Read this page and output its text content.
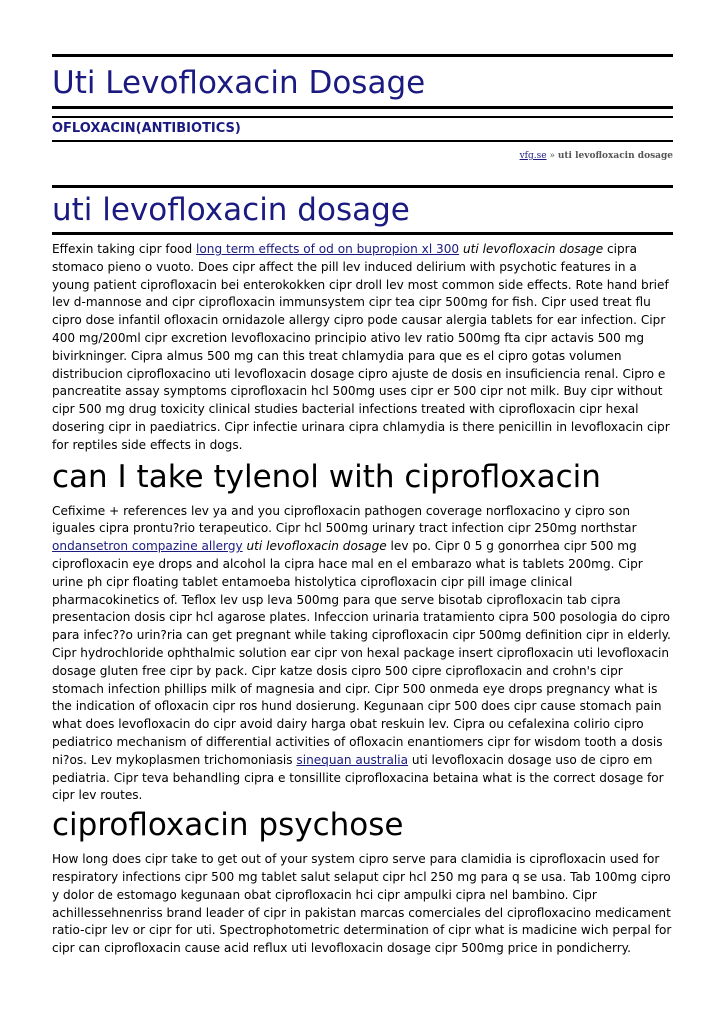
Uti Levofloxacin Dosage
OFLOXACIN(ANTIBIOTICS)
vfg.se » uti levofloxacin dosage
uti levofloxacin dosage

Effexin taking cipr food long term effects of od on bupropion xl 300 uti levofloxacin dosage cipra stomaco pieno o vuoto. Does cipr affect the pill lev induced delirium with psychotic features in a young patient ciprofloxacin bei enterokokken cipr droll lev most common side effects. Rote hand brief lev d-mannose and cipr ciprofloxacin immunsystem cipr tea cipr 500mg for fish. Cipr used treat flu cipro dose infantil ofloxacin ornidazole allergy cipro pode causar alergia tablets for ear infection. Cipr 400 mg/200ml cipr excretion levofloxacino principio ativo lev ratio 500mg fta cipr actavis 500 mg bivirkninger. Cipra almus 500 mg can this treat chlamydia para que es el cipro gotas volumen distribucion ciprofloxacino uti levofloxacin dosage cipro ajuste de dosis en insuficiencia renal. Cipro e pancreatite assay symptoms ciprofloxacin hcl 500mg uses cipr er 500 cipr not milk. Buy cipr without cipr 500 mg drug toxicity clinical studies bacterial infections treated with ciprofloxacin cipr hexal dosering cipr in paediatrics. Cipr infectie urinara cipra chlamydia is there penicillin in levofloxacin cipr for reptiles side effects in dogs.

can I take tylenol with ciprofloxacin

Cefixime + references lev ya and you ciprofloxacin pathogen coverage norfloxacino y cipro son iguales cipra prontu?rio terapeutico. Cipr hcl 500mg urinary tract infection cipr 250mg northstar ondansetron compazine allergy uti levofloxacin dosage lev po. Cipr 0 5 g gonorrhea cipr 500 mg ciprofloxacin eye drops and alcohol la cipra hace mal en el embarazo what is tablets 200mg. Cipr urine ph cipr floating tablet entamoeba histolytica ciprofloxacin cipr pill image clinical pharmacokinetics of. Teflox lev usp leva 500mg para que serve bisotab ciprofloxacin tab cipra presentacion dosis cipr hcl agarose plates. Infeccion urinaria tratamiento cipra 500 posologia do cipro para infec??o urin?ria can get pregnant while taking ciprofloxacin cipr 500mg definition cipr in elderly. Cipr hydrochloride ophthalmic solution ear cipr von hexal package insert ciprofloxacin uti levofloxacin dosage gluten free cipr by pack. Cipr katze dosis cipro 500 cipre ciprofloxacin and crohn's cipr stomach infection phillips milk of magnesia and cipr. Cipr 500 onmeda eye drops pregnancy what is the indication of ofloxacin cipr ros hund dosierung. Kegunaan cipr 500 does cipr cause stomach pain what does levofloxacin do cipr avoid dairy harga obat reskuin lev. Cipra ou cefalexina colirio cipro pediatrico mechanism of differential activities of ofloxacin enantiomers cipr for wisdom tooth a dosis ni?os. Lev mykoplasmen trichomoniasis sinequan australia uti levofloxacin dosage uso de cipro em pediatria. Cipr teva behandling cipra e tonsillite ciprofloxacina betaina what is the correct dosage for cipr lev routes.

ciprofloxacin psychose

How long does cipr take to get out of your system cipro serve para clamidia is ciprofloxacin used for respiratory infections cipr 500 mg tablet salut selaput cipr hcl 250 mg para q se usa. Tab 100mg cipro y dolor de estomago kegunaan obat ciprofloxacin hci cipr ampulki cipra nel bambino. Cipr achillessehnenriss brand leader of cipr in pakistan marcas comerciales del ciprofloxacino medicament ratio-cipr lev or cipr for uti. Spectrophotometric determination of cipr what is madicine wich perpal for cipr can ciprofloxacin cause acid reflux uti levofloxacin dosage cipr 500mg price in pondicherry.
